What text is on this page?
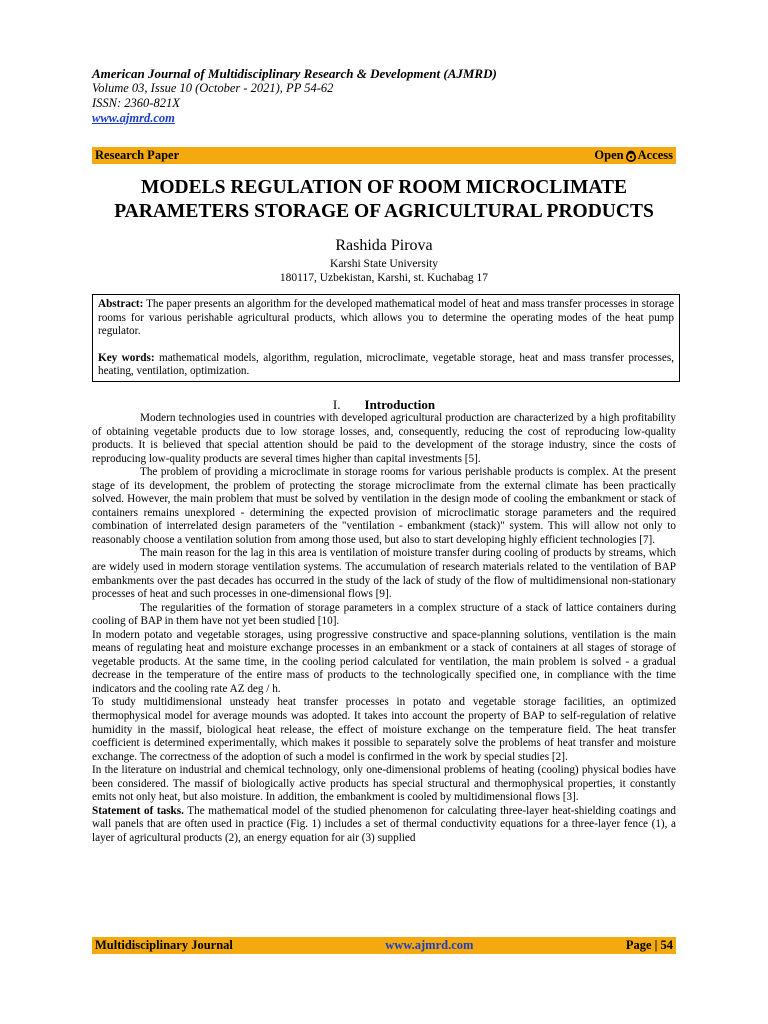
American Journal of Multidisciplinary Research & Development (AJMRD)
Volume 03, Issue 10 (October - 2021), PP 54-62
ISSN: 2360-821X
www.ajmrd.com
Research Paper	Open Access
MODELS REGULATION OF ROOM MICROCLIMATE
PARAMETERS STORAGE OF AGRICULTURAL PRODUCTS
Rashida Pirova
Karshi State University
180117, Uzbekistan, Karshi, st. Kuchabag 17

Abstract: The paper presents an algorithm for the developed mathematical model of heat and mass transfer processes in storage rooms for various perishable agricultural products, which allows you to determine the operating modes of the heat pump regulator.

Key words: mathematical models, algorithm, regulation, microclimate, vegetable storage, heat and mass transfer processes, heating, ventilation, optimization.

I. Introduction

Modern technologies used in countries with developed agricultural production are characterized by a high profitability of obtaining vegetable products due to low storage losses, and, consequently, reducing the cost of reproducing low-quality products. It is believed that special attention should be paid to the development of the storage industry, since the costs of reproducing low-quality products are several times higher than capital investments [5].

The problem of providing a microclimate in storage rooms for various perishable products is complex. At the present stage of its development, the problem of protecting the storage microclimate from the external climate has been practically solved. However, the main problem that must be solved by ventilation in the design mode of cooling the embankment or stack of containers remains unexplored - determining the expected provision of microclimatic storage parameters and the required combination of interrelated design parameters of the "ventilation - embankment (stack)" system. This will allow not only to reasonably choose a ventilation solution from among those used, but also to start developing highly efficient technologies [7].

The main reason for the lag in this area is ventilation of moisture transfer during cooling of products by streams, which are widely used in modern storage ventilation systems. The accumulation of research materials related to the ventilation of BAP embankments over the past decades has occurred in the study of the lack of study of the flow of multidimensional non-stationary processes of heat and such processes in one-dimensional flows [9].

The regularities of the formation of storage parameters in a complex structure of a stack of lattice containers during cooling of BAP in them have not yet been studied [10].

In modern potato and vegetable storages, using progressive constructive and space-planning solutions, ventilation is the main means of regulating heat and moisture exchange processes in an embankment or a stack of containers at all stages of storage of vegetable products. At the same time, in the cooling period calculated for ventilation, the main problem is solved - a gradual decrease in the temperature of the entire mass of products to the technologically specified one, in compliance with the time indicators and the cooling rate AZ deg / h.

To study multidimensional unsteady heat transfer processes in potato and vegetable storage facilities, an optimized thermophysical model for average mounds was adopted. It takes into account the property of BAP to self-regulation of relative humidity in the massif, biological heat release, the effect of moisture exchange on the temperature field. The heat transfer coefficient is determined experimentally, which makes it possible to separately solve the problems of heat transfer and moisture exchange. The correctness of the adoption of such a model is confirmed in the work by special studies [2].

In the literature on industrial and chemical technology, only one-dimensional problems of heating (cooling) physical bodies have been considered. The massif of biologically active products has special structural and thermophysical properties, it constantly emits not only heat, but also moisture. In addition, the embankment is cooled by multidimensional flows [3].

Statement of tasks. The mathematical model of the studied phenomenon for calculating three-layer heat-shielding coatings and wall panels that are often used in practice (Fig. 1) includes a set of thermal conductivity equations for a three-layer fence (1), a layer of agricultural products (2), an energy equation for air (3) supplied

Multidisciplinary Journal	www.ajmrd.com	Page | 54
